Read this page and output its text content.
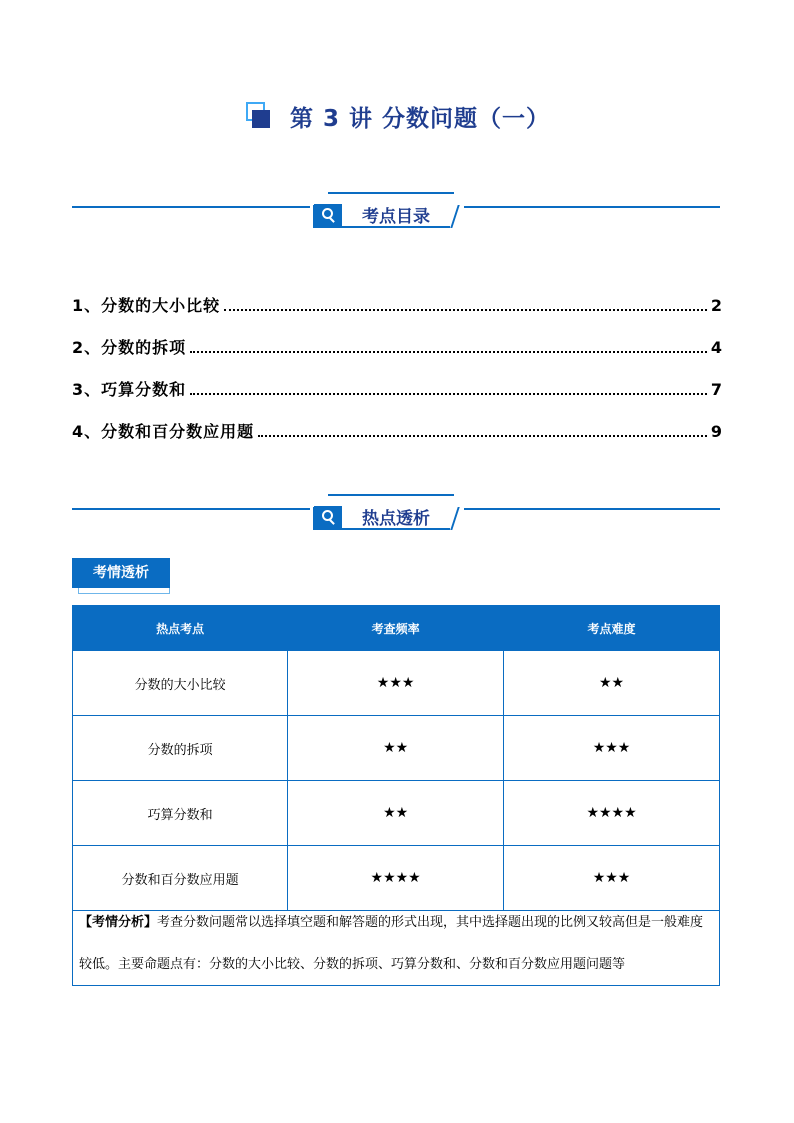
第 3 讲 分数问题（一）
考点目录
1、分数的大小比较	2
2、分数的拆项	4
3、巧算分数和	7
4、分数和百分数应用题	9
热点透析
考情透析
热点考点	考查频率	考点难度
分数的大小比较	★★★	★★
分数的拆项	★★	★★★
巧算分数和	★★	★★★★
分数和百分数应用题	★★★★	★★★
【考情分析】考查分数问题常以选择填空题和解答题的形式出现，其中选择题出现的比例又较高但是一般难度较低。主要命题点有：分数的大小比较、分数的拆项、巧算分数和、分数和百分数应用题问题等
